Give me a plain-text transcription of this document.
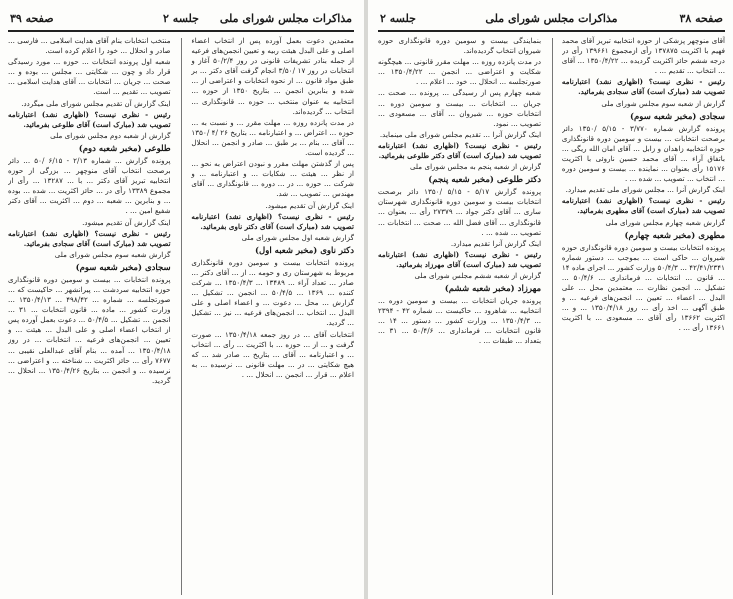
مذاکرات مجلس شورای ملی
جلسه ۲
صفحه ۳۹

معتمدین دعوت بعمل آورده پس از انتخاب اعضاء اصلی و علی البدل هیئت ربیه و تعیین انجمن‌های فرعیه از جمله بنادر تشریفات قانونی در روز ۵۰/۲/۴ آغاز و انتخابات در روز ۱۷ /۳/۵۰ انجام گرفت آقای دکتر ... بر طبق مواد قانون ... از نحوه انتخابات و اعتراضی از ... شده و بنابرین انجمن ... بتاریخ ۱۳۵۰ از حوزه ... انتخابیه به عنوان منتخب ... حوزه ... قانونگذاری ... انتخاب ... گردیده‌اند.

در مدت پانزده روزه ... مهلت مقرر ... و نسبت به ... حوزه ... اعتراض ... و اعتبارنامه ... بتاریخ ۲۶ /۴ /۱۳۵۰ ... آقای ... بنام ... بر طبق ... صادر و انجمن ... انحلال ... گردیده است.

پس از گذشتن مهلت مقرر و نبودن اعتراض به نحو ... از نظر ... هیئت ... شکایات ... و اعتبارنامه ... و شرکت ... حوزه ... در ... دوره ... قانونگذاری ... آقای مهندس ... تصویب ... شد.

اینک گزارش آن تقدیم میشود.

رئیس - نظری نیست؟ (اظهاری نشد) اعتبارنامه تصویب شد (مبارک است) آقای دکتر ناوی بفرمائید.
گزارش شعبه اول مجلس شورای ملی
دکتر ناوی (مخبر شعبه اول)

پرونده انتخابات بیست و سومین دوره قانونگذاری مربوط به شهرستان ری و حومه ... از ... آقای دکتر ... صادر ... تعداد آراء ... ۱۳۴۸۹ ... ۱۳۵۰/۴/۳ ... شرکت کننده ... ۱۳۶۹ ... ۵۰/۴/۵ ... انجمن ... تشکیل ... گزارش ... محل ... دعوت ... و اعضاء اصلی و علی البدل ... انتخاب ... انجمن‌های فرعیه ... نیز ... تشکیل ... گردید.

انتخابات آقای ... در روز جمعه ۱۳۵۰/۴/۱۸ ... صورت گرفت و ... از ... حوزه ... با اکثریت ... رأی ... انتخاب ... و اعتبارنامه ... آقای ... بتاریخ ... صادر شد ... که هیچ شکایتی ... در ... مهلت قانونی ... نرسیده ... به اعلام ... قرار ... انجمن ... انحلال ... .

منتخب انتخابات بنام آقای هدایت اسلامی ... فارسی ... صادر و انحلال ... خود را اعلام کرده است.

شعبه اول پرونده انتخابات ... حوزه ... مورد رسیدگی قرار داد و چون ... شکایتی ... مجلس ... بوده و ... صحت ... جریان ... انتخابات ... آقای هدایت اسلامی ... تصویب ... تقدیم ... است.

اینک گزارش آن تقدیم مجلس شورای ملی میگردد.

رئیس - نظری نیست؟ (اظهاری نشد) اعتبارنامه تصویب شد (مبارک است) آقای طلوعی بفرمائید.
گزارش از شعبه دوم مجلس شورای ملی
طلوعی (مخبر شعبه دوم)

پرونده گزارش ... شماره ۲/۱۳ - ۶/۱۵ /۵۰ ... دائر برصحت انتخاب آقای منوچهر ... بزرگی از حوزه انتخابیه تبریز آقای دکتر ... با ... ۱۳۲۸۷ ... رأی از مجموع ۱۳۳۸۹ رأی در ... حائز اکثریت ... شده ... بوده ... و بنابرین ... شعبه ... دوم ... اکثریت ... آقای دکتر شفیع امین ... .

اینک گزارش آن تقدیم میشود.

رئیس - نظری نیست؟ (اظهاری نشد) اعتبارنامه تصویب شد (مبارک است) آقای سجادی بفرمائید.
گزارش شعبه سوم مجلس شورای ملی
سجادی (مخبر شعبه سوم)

پرونده انتخابات ... بیست و سومین دوره قانونگذاری حوزه انتخابیه سردشت ... پیرانشهر ... حاکیست که ... صورتجلسه ... شماره ... ۴۹۸/۴۲ ... ۱۳۵۰/۴/۱۳ ... وزارت کشور ... ماده ... قانون انتخابات ... ۳۱ ... انجمن ... تشکیل ... ۵۰/۴/۵ ... دعوت بعمل آورده پس از انتخاب اعضاء اصلی و علی البدل ... هیئت ... و تعیین ... انجمن‌های فرعیه ... انتخابات ... در روز ۱۳۵۰/۴/۱۸ ... آمده ... بنام آقای عبدالعلی نقیبی ... ۷۶۷۷ رأی ... حائز اکثریت ... شناخته ... و اعتراضی ... نرسیده ... و انجمن ... بتاریخ ۱۳۵۰/۴/۲۶ ... انحلال ... گردید.

صفحه ۳۸
مذاکرات مجلس شورای ملی
جلسه ۲

آقای منوچهر پزشکی از حوزه انتخابیه تبریز آقای محمد فهیم با اکثریت ۱۳۷۸۷۵ رأی ازمجموع ۱۳۹۶۶۱ رأی در درجه ششم حائز اکثریت گردیده ... ۱۳۵۰/۴/۲۲ ... آقای ... انتخاب ... تقدیم ... .

رئیس - نظری نیست؟ (اظهاری نشد) اعتبارنامه تصویب شد (مبارک است) آقای سجادی بفرمائید.
گزارش از شعبه سوم مجلس شورای ملی
سجادی (مخبر شعبه سوم)

پرونده گزارش شماره ۳/۷۷۰ - ۵/۱۵ /۱۳۵۰ دائر برصحت انتخابات ... بیست و سومین دوره قانونگذاری حوزه انتخابیه زاهدان و زابل ... آقای امان الله ریگی ... باتفاق آراء ... آقای محمد حسین ناروئی با اکثریت ۱۵۱۷۶ رأی بعنوان ... نماینده ... بیست و سومین دوره ... انتخاب ... تصویب ... شده ... .

اینک گزارش آنرا ... مجلس شورای ملی تقدیم میدارد.

رئیس - نظری نیست؟ (اظهاری نشد) اعتبارنامه تصویب شد (مبارک است) آقای مطهری بفرمائید.
گزارش شعبه چهارم مجلس شورای ملی
مطهری (مخبر شعبه چهارم)

پرونده انتخابات بیست و سومین دوره قانونگذاری حوزه شیروان ... حاکی است ... بموجب ... دستور شماره ۴۲/۴۱/۲۳۴۱ ... ۵۰/۴/۳ وزارت کشور ... اجرای ماده ۱۴ ... قانون ... انتخابات ... فرمانداری ... ۵۰/۴/۶ ... تشکیل ... انجمن نظارت ... معتمدین محل ... علی البدل ... اعضاء ... تعیین ... انجمن‌های فرعیه ... و طبق آگهی ... اخذ رأی ... روز ۱۳۵۰/۴/۱۸ ... و ... اکثریت ۱۳۶۶۲ رأی آقای ... مسعودی ... با اکثریت ۱۳۶۶۱ رأی ... .

بنمایندگی بیست و سومین دوره قانونگذاری حوزه شیروان انتخاب گردیده‌اند.

در مدت پانزده روزه ... مهلت مقرر قانونی ... هیچگونه شکایت و اعتراضی ... انجمن ... ۱۳۵۰/۴/۲۲ ... صورتجلسه ... انحلال ... خود ... اعلام ... .

شعبه چهارم پس از رسیدگی ... پرونده ... صحت ... جریان ... انتخابات ... بیست و سومین دوره ... انتخابات حوزه ... شیروان ... آقای ... مسعودی ... تصویب ... نمود.

اینک گزارش آنرا ... تقدیم مجلس شورای ملی مینماید.

رئیس - نظری نیست؟ (اظهاری نشد) اعتبارنامه تصویب شد (مبارک است) آقای دکتر طلوعی بفرمائید.
گزارش از شعبه پنجم به مجلس شورای ملی
دکتر طلوعی (مخبر شعبه پنجم)

پرونده گزارش ۵/۱۷ - ۵/۱۵ /۱۳۵۰ دائر برصحت انتخابات بیست و سومین دوره قانونگذاری شهرستان ساری ... آقای دکتر جواد ... ۲۷۳۷۹ رأی ... بعنوان ... قانونگذاری ... آقای فضل الله ... صحت ... انتخابات ... تصویب ... شده ... .

اینک گزارش آنرا تقدیم میدارد.

رئیس - نظری نیست؟ (اظهاری نشد) اعتبارنامه تصویب شد (مبارک است) آقای مهرزاد بفرمائید.
گزارش از شعبه ششم مجلس شورای ملی
مهرزاد (مخبر شعبه ششم)

پرونده جریان انتخابات ... بیست و سومین دوره ... انتخابیه ... شاهرود ... حاکیست ... شماره ۴۲ - ۲۳۹۴ ... ۱۳۵۰/۴/۳ ... وزارت کشور ... دستور ... ۱۴ ... قانون انتخابات ... فرمانداری ... ۵۰/۴/۶ ... ۳۱ ... بتعداد ... طبقات ... .
